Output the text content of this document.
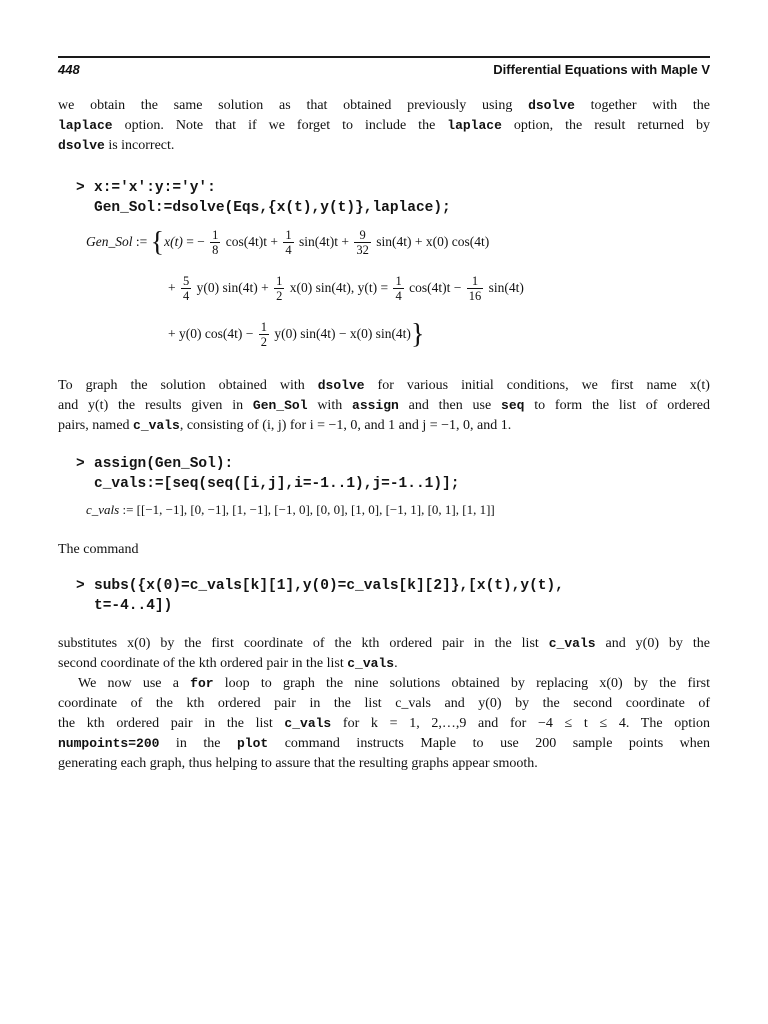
448	Differential Equations with Maple V
we obtain the same solution as that obtained previously using dsolve together with the
laplace option. Note that if we forget to include the laplace option, the result returned by
dsolve is incorrect.
> x:='x':y:='y':
Gen_Sol:=dsolve(Eqs,{x(t),y(t)},laplace);
Gen_Sol := {x(t) = − $\frac{1}{8} \cos(4t)t + \frac{1}{4} \sin(4t)t + \frac{9}{32} \sin(4t) + x(0)$ cos(4t)
+ $\frac{5}{4} y(0) \sin(4t) + \frac{1}{2} x(0)$ sin(4t), $y(t) = \frac{1}{4} \cos(4t)t - \frac{1}{16} \sin(4t)$
+ y(0) $\cos(4t) - \frac{1}{2} y(0) \sin(4t) - x(0)$ sin(4t)}
To graph the solution obtained with dsolve for various initial conditions, we first name x(t)
and y(t) the results given in Gen_Sol with assign and then use seq to form the list of ordered
pairs, named c_vals, consisting of (i, j) for i = −1, 0, and 1 and j = −1, 0, and 1.
> assign(Gen_Sol):
c_vals:=[seq(seq([i,j],i=-1..1),j=-1..1)];
c_vals := [[−1, −1], [0, −1], [1, −1], [−1, 0], [0, 0], [1, 0], [−1, 1], [0, 1], [1, 1]]
The command
> subs({x(0)=c_vals[k][1],y(0)=c_vals[k][2]},[x(t),y(t),
t=-4..4])
substitutes x(0) by the first coordinate of the kth ordered pair in the list c_vals and y(0) by the
second coordinate of the kth ordered pair in the list c_vals.
We now use a for loop to graph the nine solutions obtained by replacing x(0) by the first
coordinate of the kth ordered pair in the list c_vals and y(0) by the second coordinate of
the kth ordered pair in the list c_vals for k = 1, 2,…,9 and for −4 ≤ t ≤ 4. The option
numpoints=200 in the plot command instructs Maple to use 200 sample points when
generating each graph, thus helping to assure that the resulting graphs appear smooth.
